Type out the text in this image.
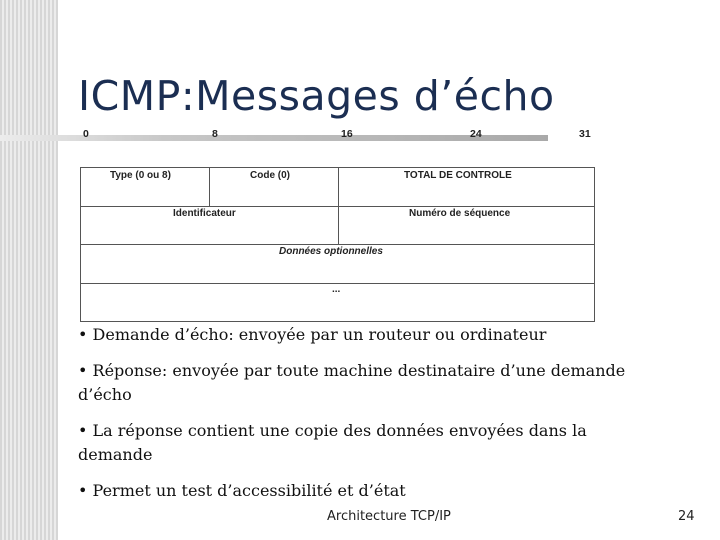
ICMP:Messages d’écho
0	8	16	24	31
Type (0 ou 8)	Code (0)	TOTAL DE CONTROLE
Identificateur	Numéro de séquence
Données optionnelles
...
• Demande d’écho: envoyée par un routeur ou ordinateur
• Réponse: envoyée par toute machine destinataire d’une demande d’écho
• La réponse contient une copie des données envoyées dans la demande
• Permet un test d’accessibilité et d’état
Architecture TCP/IP	24
